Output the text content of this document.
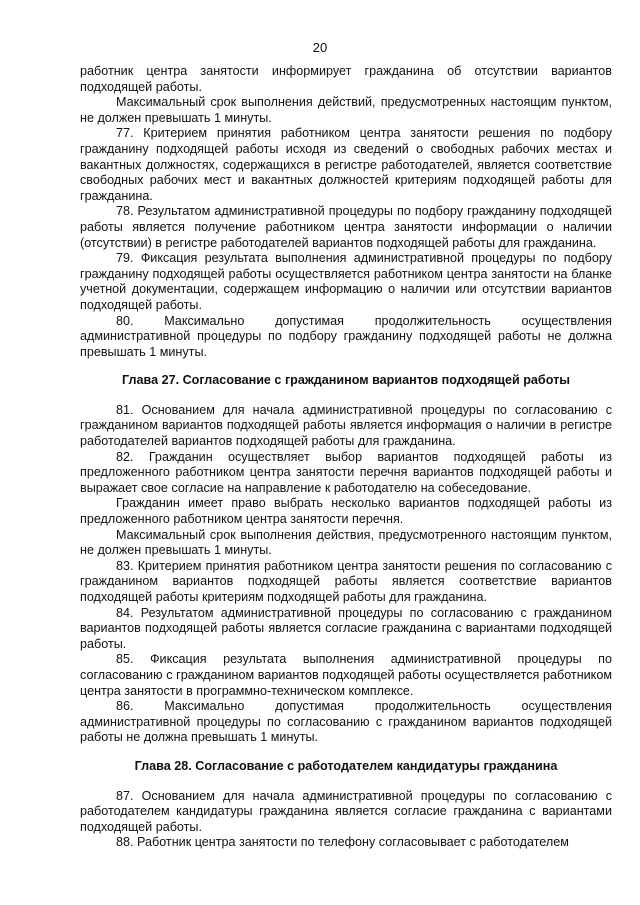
20

работник центра занятости информирует гражданина об отсутствии вариантов подходящей работы.

Максимальный срок выполнения действий, предусмотренных настоящим пунктом, не должен превышать 1 минуты.

77. Критерием принятия работником центра занятости решения по подбору гражданину подходящей работы исходя из сведений о свободных рабочих местах и вакантных должностях, содержащихся в регистре работодателей, является соответствие свободных рабочих мест и вакантных должностей критериям подходящей работы для гражданина.

78. Результатом административной процедуры по подбору гражданину подходящей работы является получение работником центра занятости информации о наличии (отсутствии) в регистре работодателей вариантов подходящей работы для гражданина.

79. Фиксация результата выполнения административной процедуры по подбору гражданину подходящей работы осуществляется работником центра занятости на бланке учетной документации, содержащем информацию о наличии или отсутствии вариантов подходящей работы.

80. Максимально допустимая продолжительность осуществления административной процедуры по подбору гражданину подходящей работы не должна превышать 1 минуты.

Глава 27. Согласование с гражданином вариантов подходящей работы

81. Основанием для начала административной процедуры по согласованию с гражданином вариантов подходящей работы является информация о наличии в регистре работодателей вариантов подходящей работы для гражданина.

82. Гражданин осуществляет выбор вариантов подходящей работы из предложенного работником центра занятости перечня вариантов подходящей работы и выражает свое согласие на направление к работодателю на собеседование.

Гражданин имеет право выбрать несколько вариантов подходящей работы из предложенного работником центра занятости перечня.

Максимальный срок выполнения действия, предусмотренного настоящим пунктом, не должен превышать 1 минуты.

83. Критерием принятия работником центра занятости решения по согласованию с гражданином вариантов подходящей работы является соответствие вариантов подходящей работы критериям подходящей работы для гражданина.

84. Результатом административной процедуры по согласованию с гражданином вариантов подходящей работы является согласие гражданина с вариантами подходящей работы.

85. Фиксация результата выполнения административной процедуры по согласованию с гражданином вариантов подходящей работы осуществляется работником центра занятости в программно-техническом комплексе.

86. Максимально допустимая продолжительность осуществления административной процедуры по согласованию с гражданином вариантов подходящей работы не должна превышать 1 минуты.

Глава 28. Согласование с работодателем кандидатуры гражданина

87. Основанием для начала административной процедуры по согласованию с работодателем кандидатуры гражданина является согласие гражданина с вариантами подходящей работы.

88. Работник центра занятости по телефону согласовывает с работодателем
